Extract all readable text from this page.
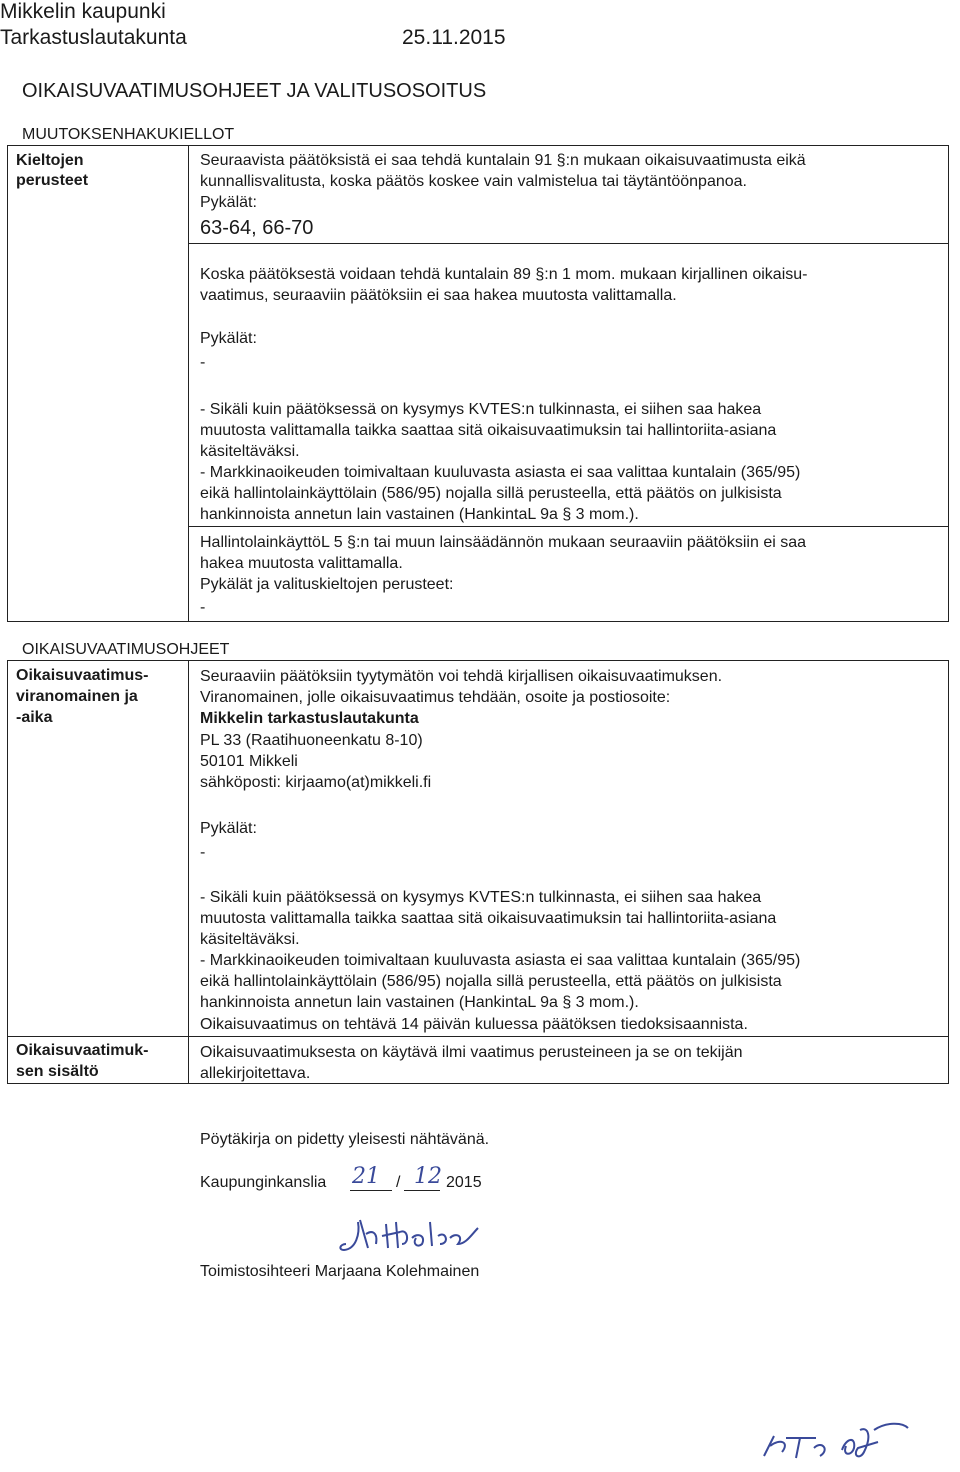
Mikkelin kaupunki
Tarkastuslautakunta	25.11.2015
OIKAISUVAATIMUSOHJEET JA VALITUSOSOITUS
MUUTOKSENHAKUKIELLOT
Kieltojen
perusteet
Seuraavista päätöksistä ei saa tehdä kuntalain 91 §:n mukaan oikaisuvaatimusta eikä
kunnallisvalitusta, koska päätös koskee vain valmistelua tai täytäntöönpanoa.
Pykälät:
63-64, 66-70
Koska päätöksestä voidaan tehdä kuntalain 89 §:n 1 mom. mukaan kirjallinen oikaisu-
vaatimus, seuraaviin päätöksiin ei saa hakea muutosta valittamalla.
Pykälät:
-
- Sikäli kuin päätöksessä on kysymys KVTES:n tulkinnasta, ei siihen saa hakea
muutosta valittamalla taikka saattaa sitä oikaisuvaatimuksin tai hallintoriita-asiana
käsiteltäväksi.
- Markkinaoikeuden toimivaltaan kuuluvasta asiasta ei saa valittaa kuntalain (365/95)
eikä hallintolainkäyttölain (586/95) nojalla sillä perusteella, että päätös on julkisista
hankinnoista annetun lain vastainen (HankintaL 9a § 3 mom.).
HallintolainkäyttöL 5 §:n tai muun lainsäädännön mukaan seuraaviin päätöksiin ei saa
hakea muutosta valittamalla.
Pykälät ja valituskieltojen perusteet:
-
OIKAISUVAATIMUSOHJEET
Oikaisuvaatimus-
viranomainen ja
-aika
Seuraaviin päätöksiin tyytymätön voi tehdä kirjallisen oikaisuvaatimuksen.
Viranomainen, jolle oikaisuvaatimus tehdään, osoite ja postiosoite:
Mikkelin tarkastuslautakunta
PL 33 (Raatihuoneenkatu 8-10)
50101 Mikkeli
sähköposti: kirjaamo(at)mikkeli.fi
Pykälät:
-
- Sikäli kuin päätöksessä on kysymys KVTES:n tulkinnasta, ei siihen saa hakea
muutosta valittamalla taikka saattaa sitä oikaisuvaatimuksin tai hallintoriita-asiana
käsiteltäväksi.
- Markkinaoikeuden toimivaltaan kuuluvasta asiasta ei saa valittaa kuntalain (365/95)
eikä hallintolainkäyttölain (586/95) nojalla sillä perusteella, että päätös on julkisista
hankinnoista annetun lain vastainen (HankintaL 9a § 3 mom.).
Oikaisuvaatimus on tehtävä 14 päivän kuluessa päätöksen tiedoksisaannista.
Oikaisuvaatimuk-
sen sisältö
Oikaisuvaatimuksesta on käytävä ilmi vaatimus perusteineen ja se on tekijän
allekirjoitettava.
Pöytäkirja on pidetty yleisesti nähtävänä.
Kaupunginkanslia 21 / 12 2015
Toimistosihteeri Marjaana Kolehmainen
